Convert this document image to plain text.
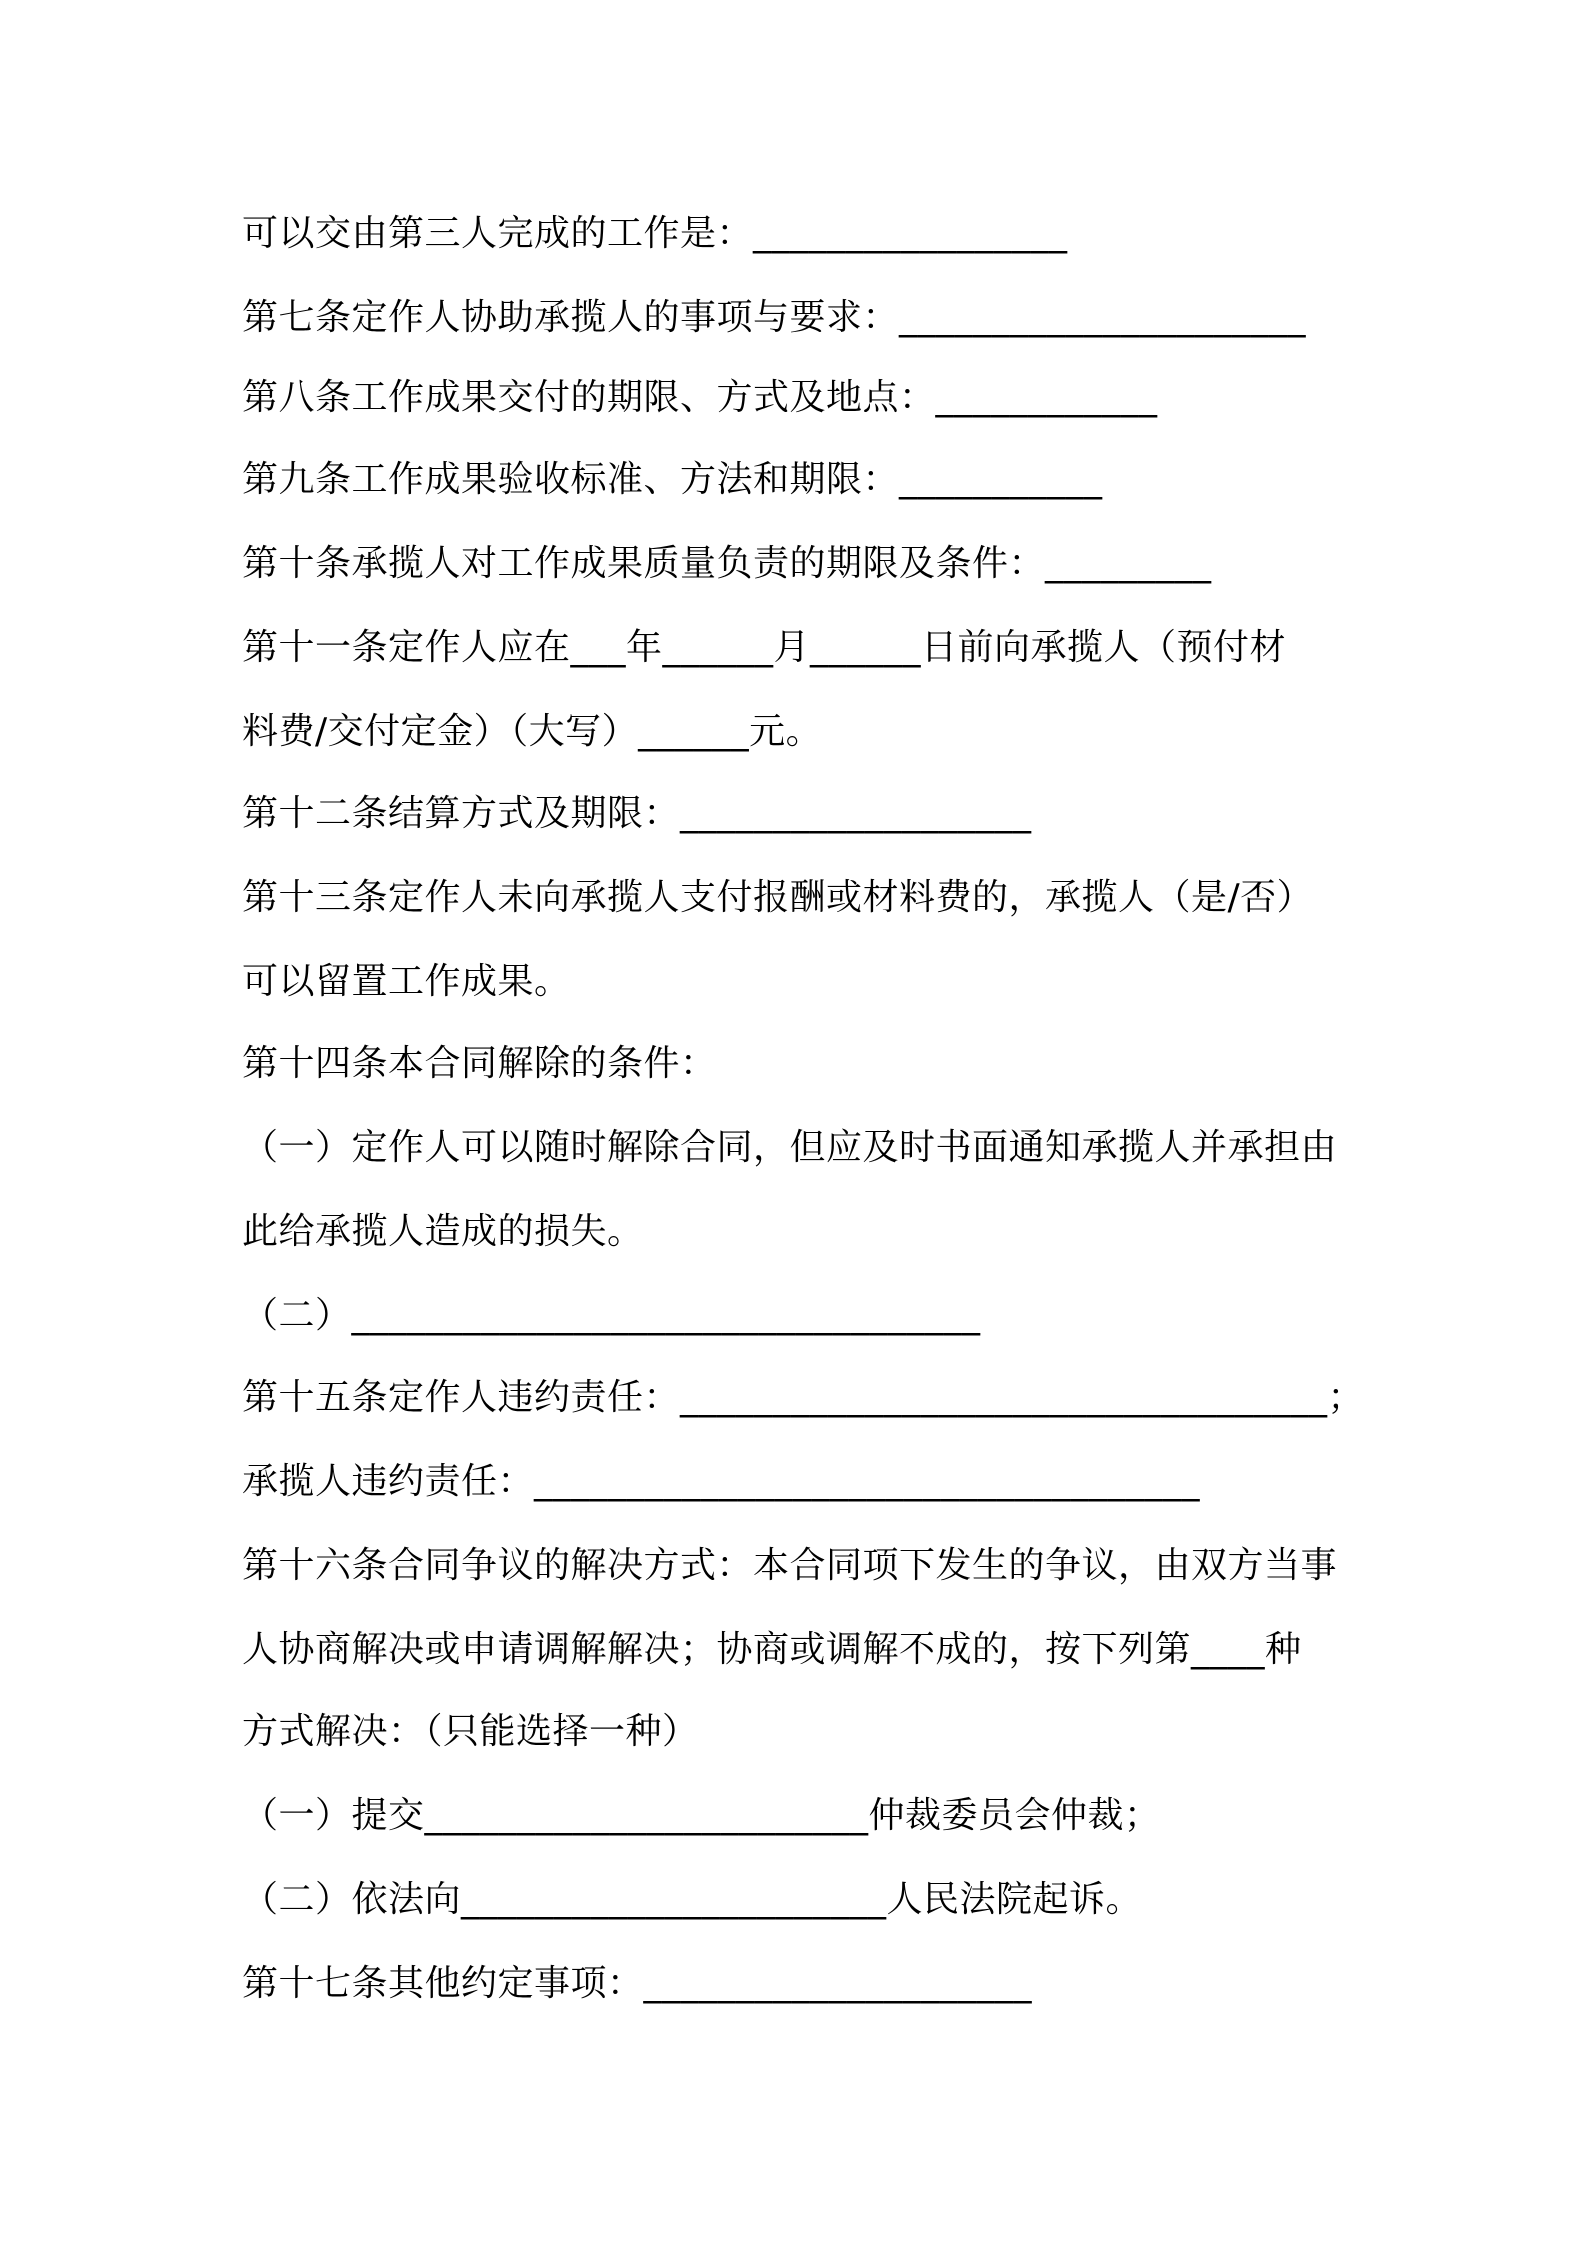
可以交由第三人完成的工作是：_________________
第七条定作人协助承揽人的事项与要求：______________________
第八条工作成果交付的期限、方式及地点：____________
第九条工作成果验收标准、方法和期限：___________
第十条承揽人对工作成果质量负责的期限及条件：_________
第十一条定作人应在___年______月______日前向承揽人（预付材
料费/交付定金）（大写）______元。
第十二条结算方式及期限：___________________
第十三条定作人未向承揽人支付报酬或材料费的，承揽人（是/否）
可以留置工作成果。
第十四条本合同解除的条件：
（一）定作人可以随时解除合同，但应及时书面通知承揽人并承担由
此给承揽人造成的损失。
（二）__________________________________
第十五条定作人违约责任：___________________________________；
承揽人违约责任：____________________________________
第十六条合同争议的解决方式：本合同项下发生的争议，由双方当事
人协商解决或申请调解解决；协商或调解不成的，按下列第____种
方式解决：（只能选择一种）
（一）提交________________________仲裁委员会仲裁；
（二）依法向_______________________人民法院起诉。
第十七条其他约定事项：_____________________
